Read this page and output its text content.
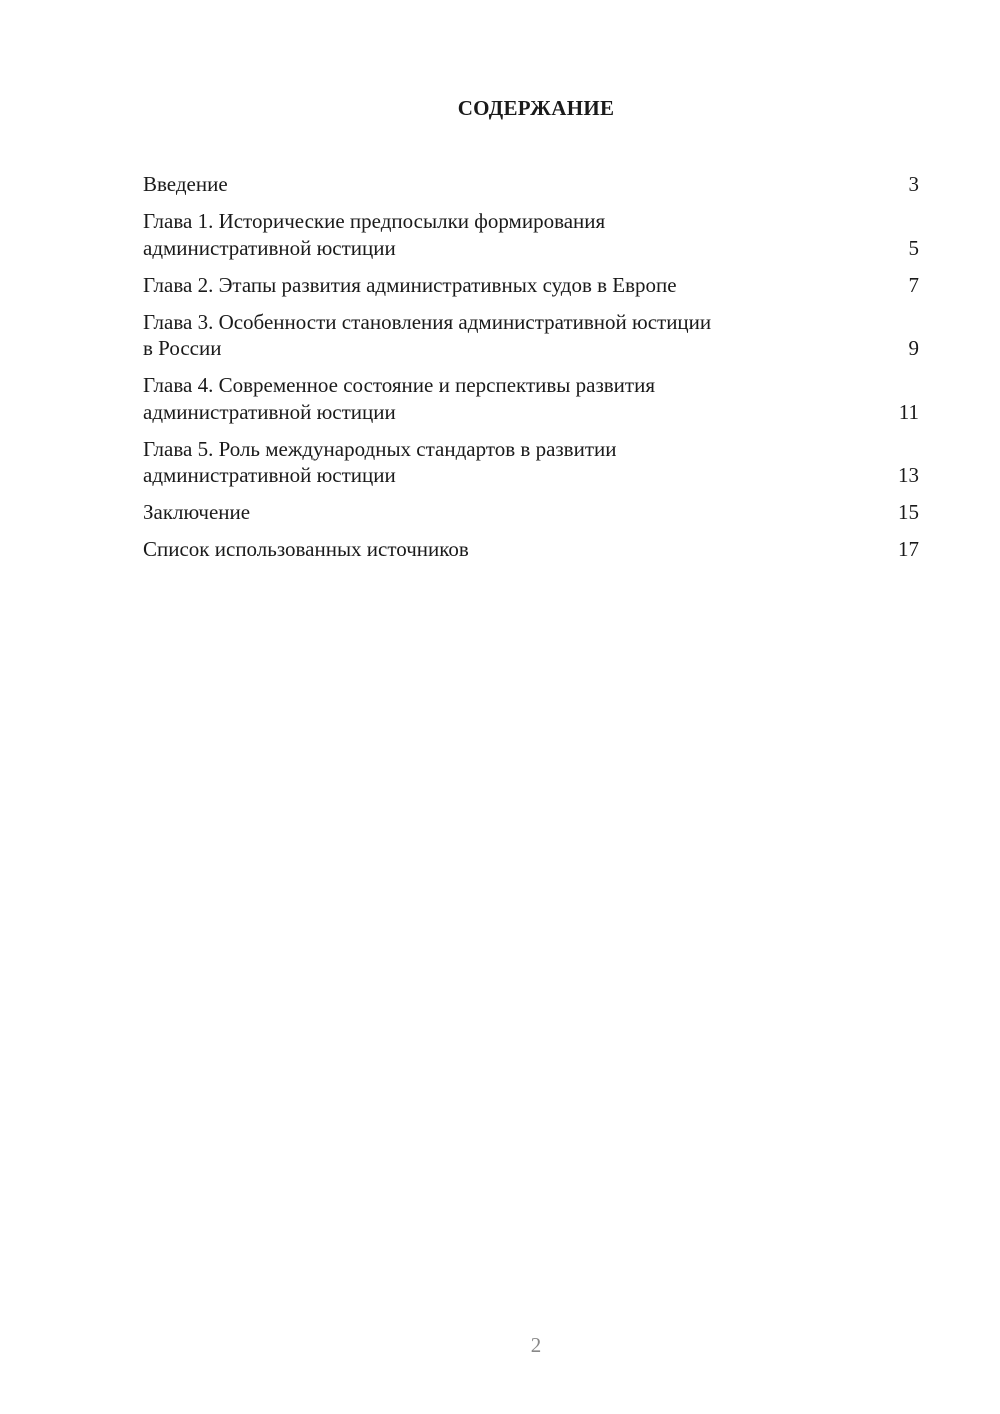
СОДЕРЖАНИЕ
Введение	3
Глава 1. Исторические предпосылки формирования
административной юстиции	5
Глава 2. Этапы развития административных судов в Европе	7
Глава 3. Особенности становления административной юстиции
в России	9
Глава 4. Современное состояние и перспективы развития
административной юстиции	11
Глава 5. Роль международных стандартов в развитии
административной юстиции	13
Заключение	15
Список использованных источников	17
2
